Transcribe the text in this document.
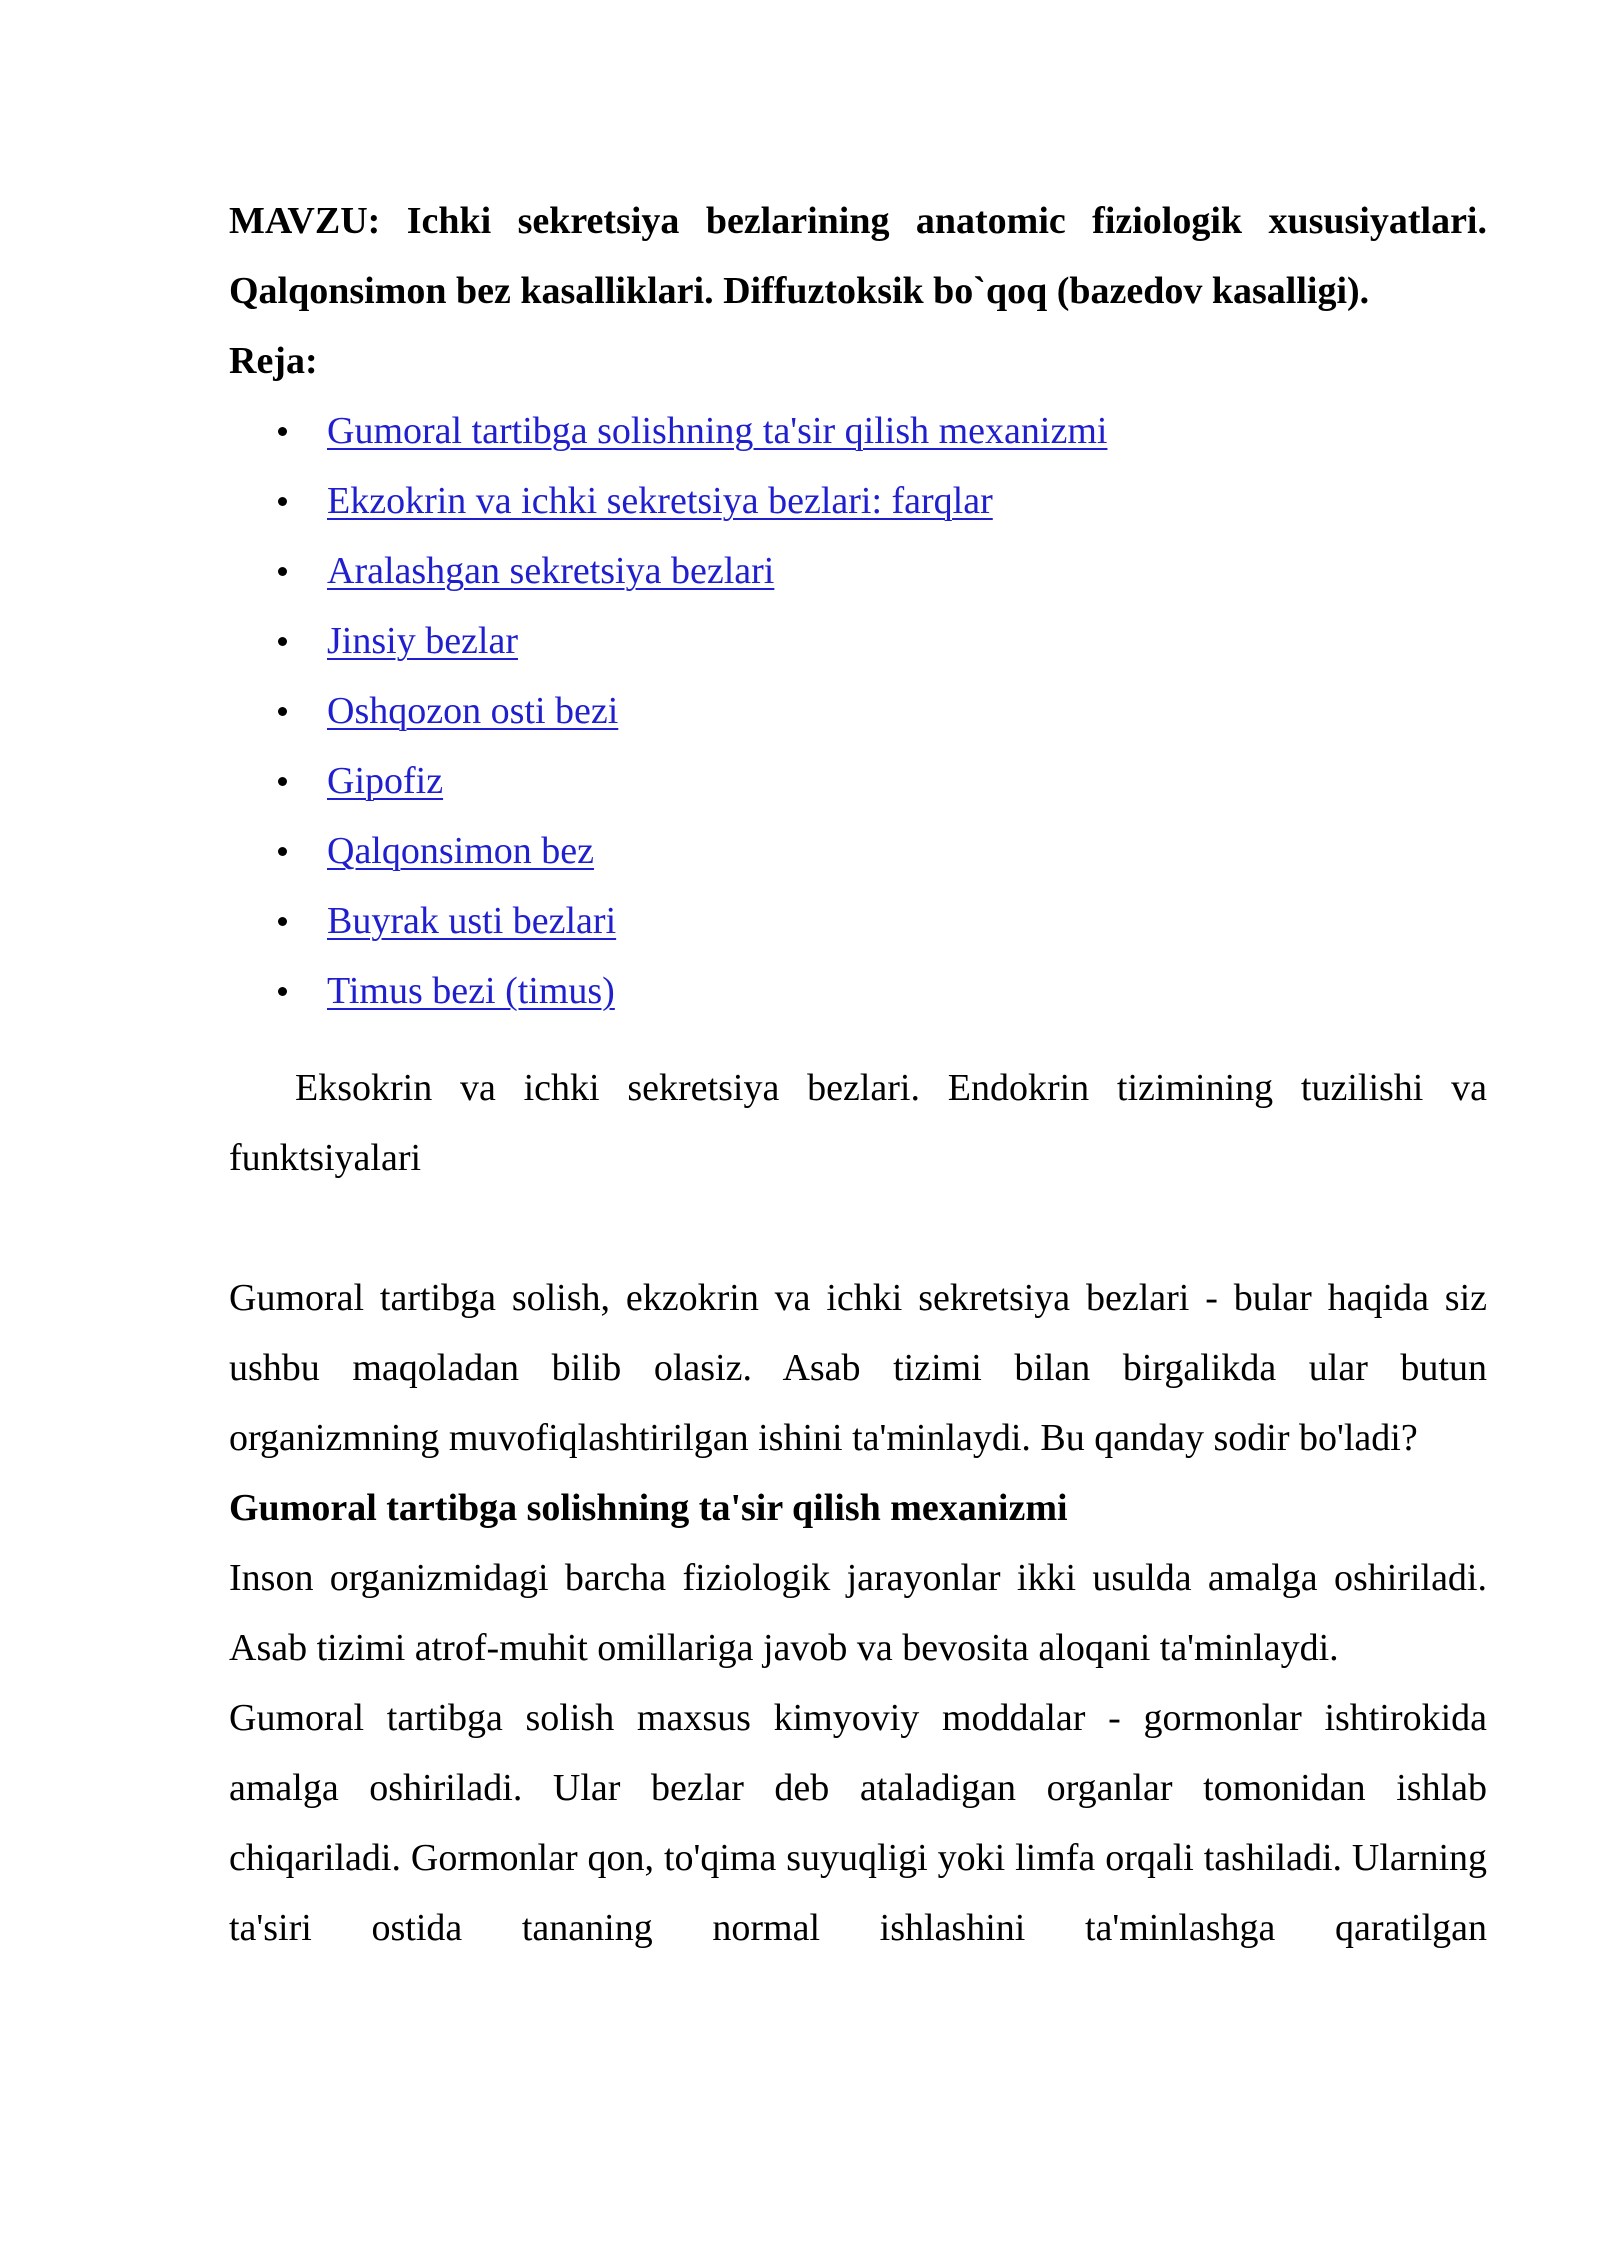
MAVZU: Ichki sekretsiya bezlarining anatomic fiziologik xususiyatlari. Qalqonsimon bez kasalliklari. Diffuztoksik bo`qoq (bazedov kasalligi).

Reja:

Gumoral tartibga solishning ta'sir qilish mexanizmi
Ekzokrin va ichki sekretsiya bezlari: farqlar
Aralashgan sekretsiya bezlari
Jinsiy bezlar
Oshqozon osti bezi
Gipofiz
Qalqonsimon bez
Buyrak usti bezlari
Timus bezi (timus)

Eksokrin va ichki sekretsiya bezlari. Endokrin tizimining tuzilishi va funktsiyalari

Gumoral tartibga solish, ekzokrin va ichki sekretsiya bezlari - bular haqida siz ushbu maqoladan bilib olasiz. Asab tizimi bilan birgalikda ular butun organizmning muvofiqlashtirilgan ishini ta'minlaydi. Bu qanday sodir bo'ladi?

Gumoral tartibga solishning ta'sir qilish mexanizmi

Inson organizmidagi barcha fiziologik jarayonlar ikki usulda amalga oshiriladi. Asab tizimi atrof-muhit omillariga javob va bevosita aloqani ta'minlaydi.

Gumoral tartibga solish maxsus kimyoviy moddalar - gormonlar ishtirokida amalga oshiriladi. Ular bezlar deb ataladigan organlar tomonidan ishlab chiqariladi. Gormonlar qon, to'qima suyuqligi yoki limfa orqali tashiladi. Ularning ta'siri ostida tananing normal ishlashini ta'minlashga qaratilgan
